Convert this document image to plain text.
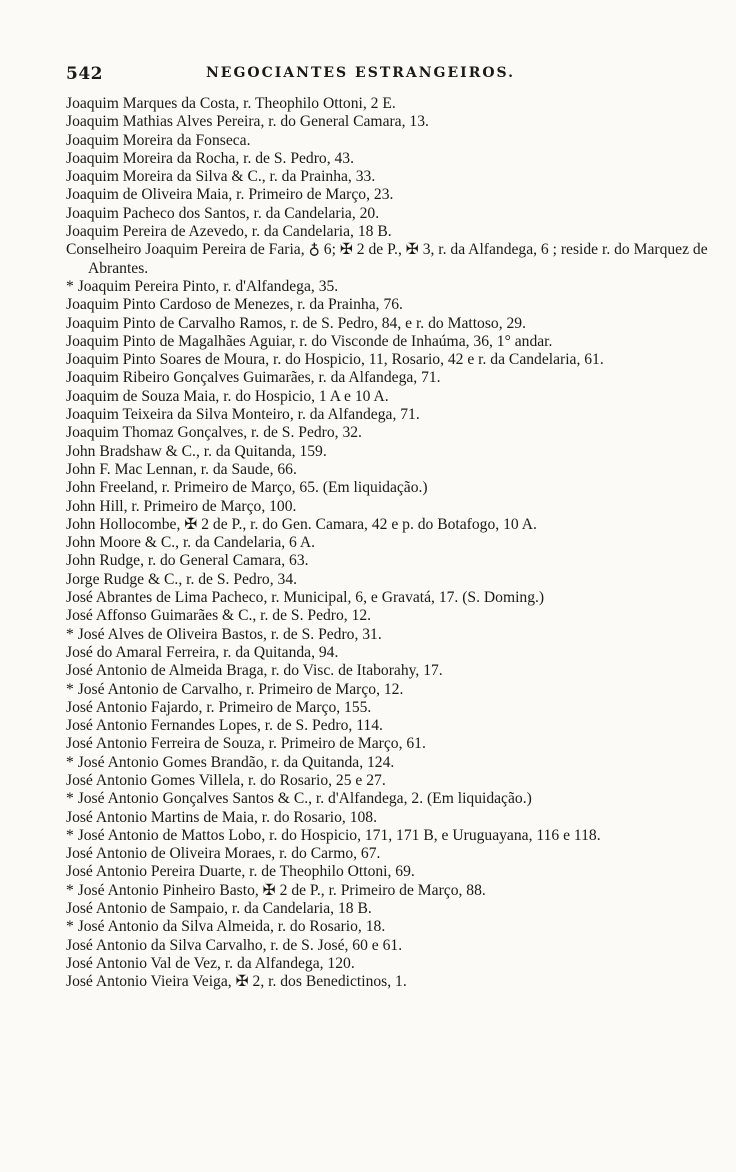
542	NEGOCIANTES ESTRANGEIROS.

Joaquim Marques da Costa, r. Theophilo Ottoni, 2 E.

Joaquim Mathias Alves Pereira, r. do General Camara, 13.

Joaquim Moreira da Fonseca.

Joaquim Moreira da Rocha, r. de S. Pedro, 43.

Joaquim Moreira da Silva & C., r. da Prainha, 33.

Joaquim de Oliveira Maia, r. Primeiro de Março, 23.

Joaquim Pacheco dos Santos, r. da Candelaria, 20.

Joaquim Pereira de Azevedo, r. da Candelaria, 18 B.

Conselheiro Joaquim Pereira de Faria, ♁ 6; ✠ 2 de P., ✠ 3, r. da Alfandega, 6 ; reside r. do Marquez de Abrantes.

* Joaquim Pereira Pinto, r. d'Alfandega, 35.

Joaquim Pinto Cardoso de Menezes, r. da Prainha, 76.

Joaquim Pinto de Carvalho Ramos, r. de S. Pedro, 84, e r. do Mattoso, 29.

Joaquim Pinto de Magalhães Aguiar, r. do Visconde de Inhaúma, 36, 1° andar.

Joaquim Pinto Soares de Moura, r. do Hospicio, 11, Rosario, 42 e r. da Candelaria, 61.

Joaquim Ribeiro Gonçalves Guimarães, r. da Alfandega, 71.

Joaquim de Souza Maia, r. do Hospicio, 1 A e 10 A.

Joaquim Teixeira da Silva Monteiro, r. da Alfandega, 71.

Joaquim Thomaz Gonçalves, r. de S. Pedro, 32.

John Bradshaw & C., r. da Quitanda, 159.

John F. Mac Lennan, r. da Saude, 66.

John Freeland, r. Primeiro de Março, 65. (Em liquidação.)

John Hill, r. Primeiro de Março, 100.

John Hollocombe, ✠ 2 de P., r. do Gen. Camara, 42 e p. do Botafogo, 10 A.

John Moore & C., r. da Candelaria, 6 A.

John Rudge, r. do General Camara, 63.

Jorge Rudge & C., r. de S. Pedro, 34.

José Abrantes de Lima Pacheco, r. Municipal, 6, e Gravatá, 17. (S. Doming.)

José Affonso Guimarães & C., r. de S. Pedro, 12.

* José Alves de Oliveira Bastos, r. de S. Pedro, 31.

José do Amaral Ferreira, r. da Quitanda, 94.

José Antonio de Almeida Braga, r. do Visc. de Itaborahy, 17.

* José Antonio de Carvalho, r. Primeiro de Março, 12.

José Antonio Fajardo, r. Primeiro de Março, 155.

José Antonio Fernandes Lopes, r. de S. Pedro, 114.

José Antonio Ferreira de Souza, r. Primeiro de Março, 61.

* José Antonio Gomes Brandão, r. da Quitanda, 124.

José Antonio Gomes Villela, r. do Rosario, 25 e 27.

* José Antonio Gonçalves Santos & C., r. d'Alfandega, 2. (Em liquidação.)

José Antonio Martins de Maia, r. do Rosario, 108.

* José Antonio de Mattos Lobo, r. do Hospicio, 171, 171 B, e Uruguayana, 116 e 118.

José Antonio de Oliveira Moraes, r. do Carmo, 67.

José Antonio Pereira Duarte, r. de Theophilo Ottoni, 69.

* José Antonio Pinheiro Basto, ✠ 2 de P., r. Primeiro de Março, 88.

José Antonio de Sampaio, r. da Candelaria, 18 B.

* José Antonio da Silva Almeida, r. do Rosario, 18.

José Antonio da Silva Carvalho, r. de S. José, 60 e 61.

José Antonio Val de Vez, r. da Alfandega, 120.

José Antonio Vieira Veiga, ✠ 2, r. dos Benedictinos, 1.
